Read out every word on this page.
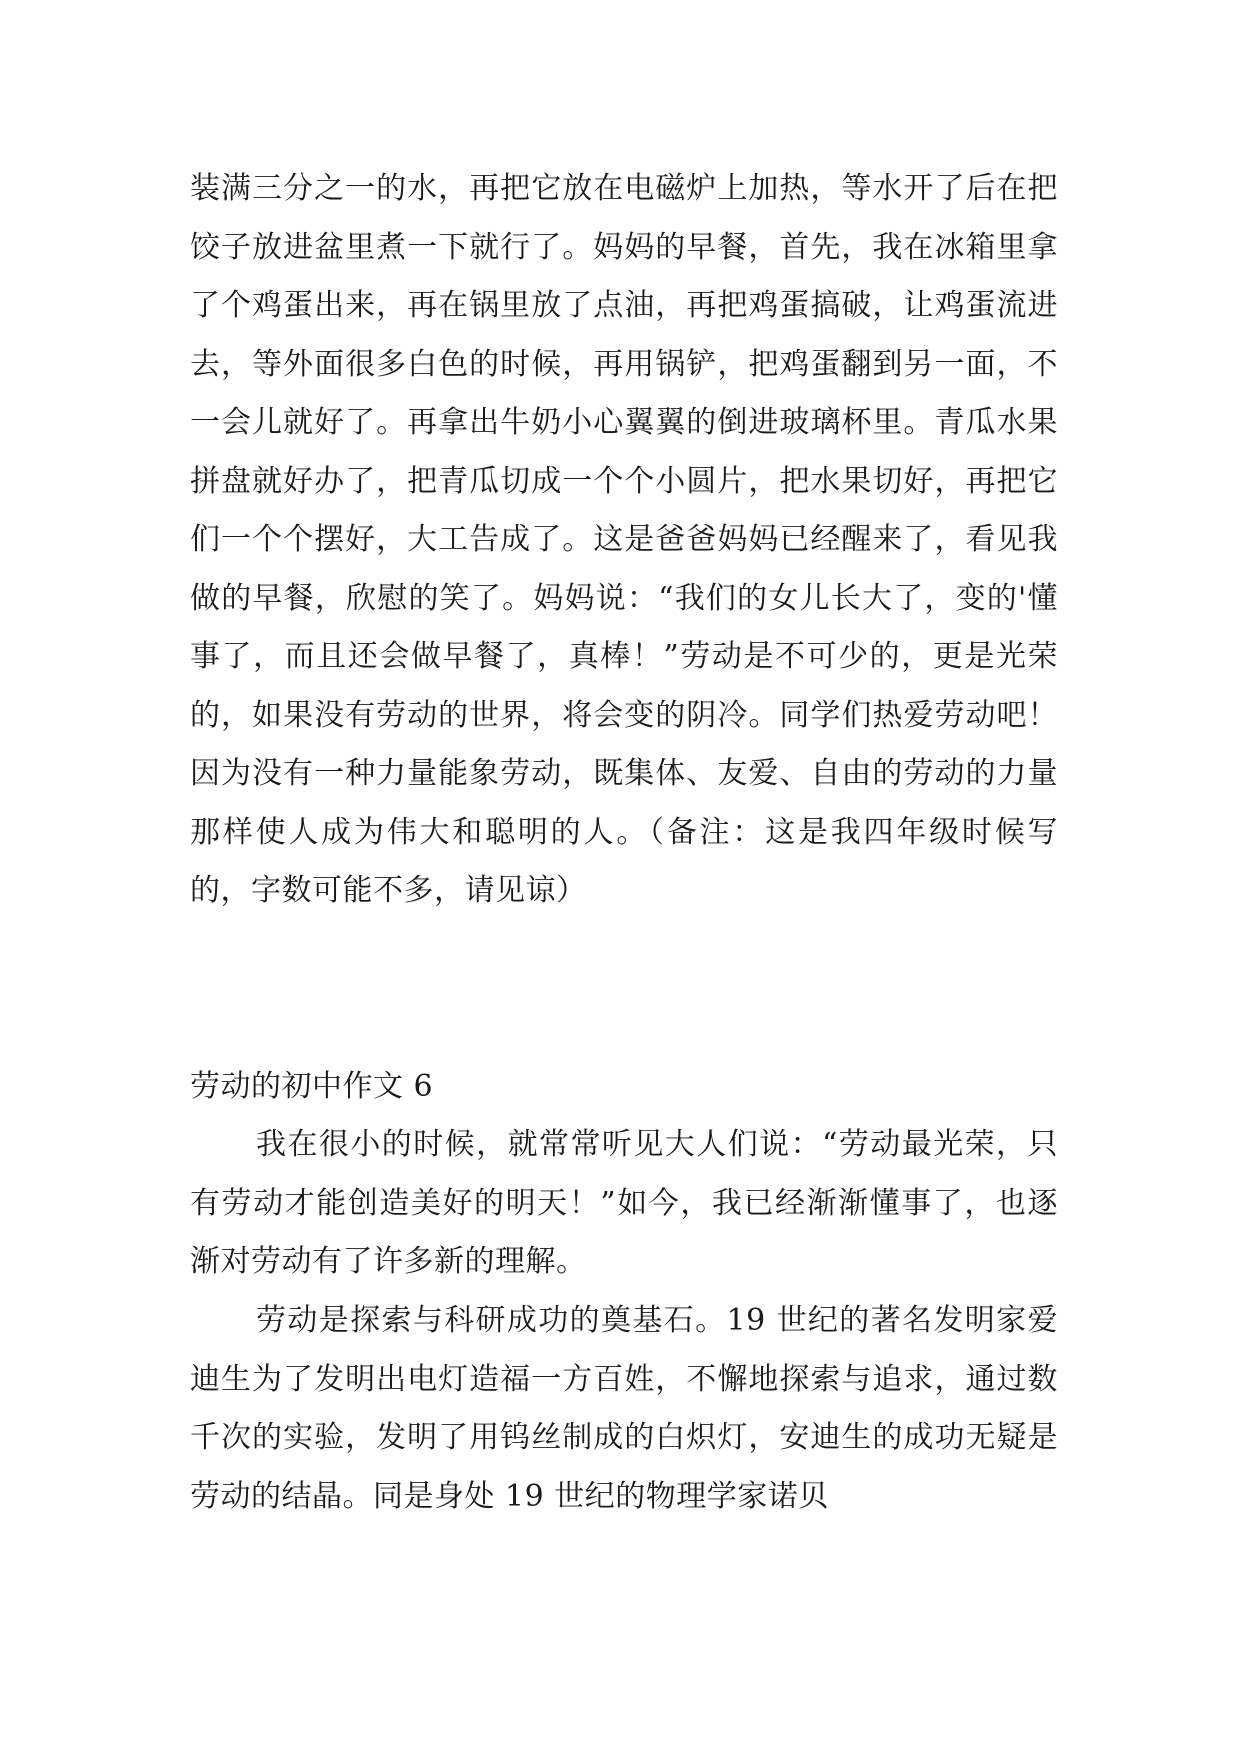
装满三分之一的水，再把它放在电磁炉上加热，等水开了后在把饺子放进盆里煮一下就行了。妈妈的早餐，首先，我在冰箱里拿了个鸡蛋出来，再在锅里放了点油，再把鸡蛋搞破，让鸡蛋流进去，等外面很多白色的时候，再用锅铲，把鸡蛋翻到另一面，不一会儿就好了。再拿出牛奶小心翼翼的倒进玻璃杯里。青瓜水果拼盘就好办了，把青瓜切成一个个小圆片，把水果切好，再把它们一个个摆好，大工告成了。这是爸爸妈妈已经醒来了，看见我做的早餐，欣慰的笑了。妈妈说：“我们的女儿长大了，变的'懂事了，而且还会做早餐了，真棒！”劳动是不可少的，更是光荣的，如果没有劳动的世界，将会变的阴冷。同学们热爱劳动吧！因为没有一种力量能象劳动，既集体、友爱、自由的劳动的力量那样使人成为伟大和聪明的人。（备注：这是我四年级时候写的，字数可能不多，请见谅）

劳动的初中作文 6

我在很小的时候，就常常听见大人们说：“劳动最光荣，只有劳动才能创造美好的明天！”如今，我已经渐渐懂事了，也逐渐对劳动有了许多新的理解。

劳动是探索与科研成功的奠基石。19 世纪的著名发明家爱迪生为了发明出电灯造福一方百姓，不懈地探索与追求，通过数千次的实验，发明了用钨丝制成的白炽灯，安迪生的成功无疑是劳动的结晶。同是身处 19 世纪的物理学家诺贝
